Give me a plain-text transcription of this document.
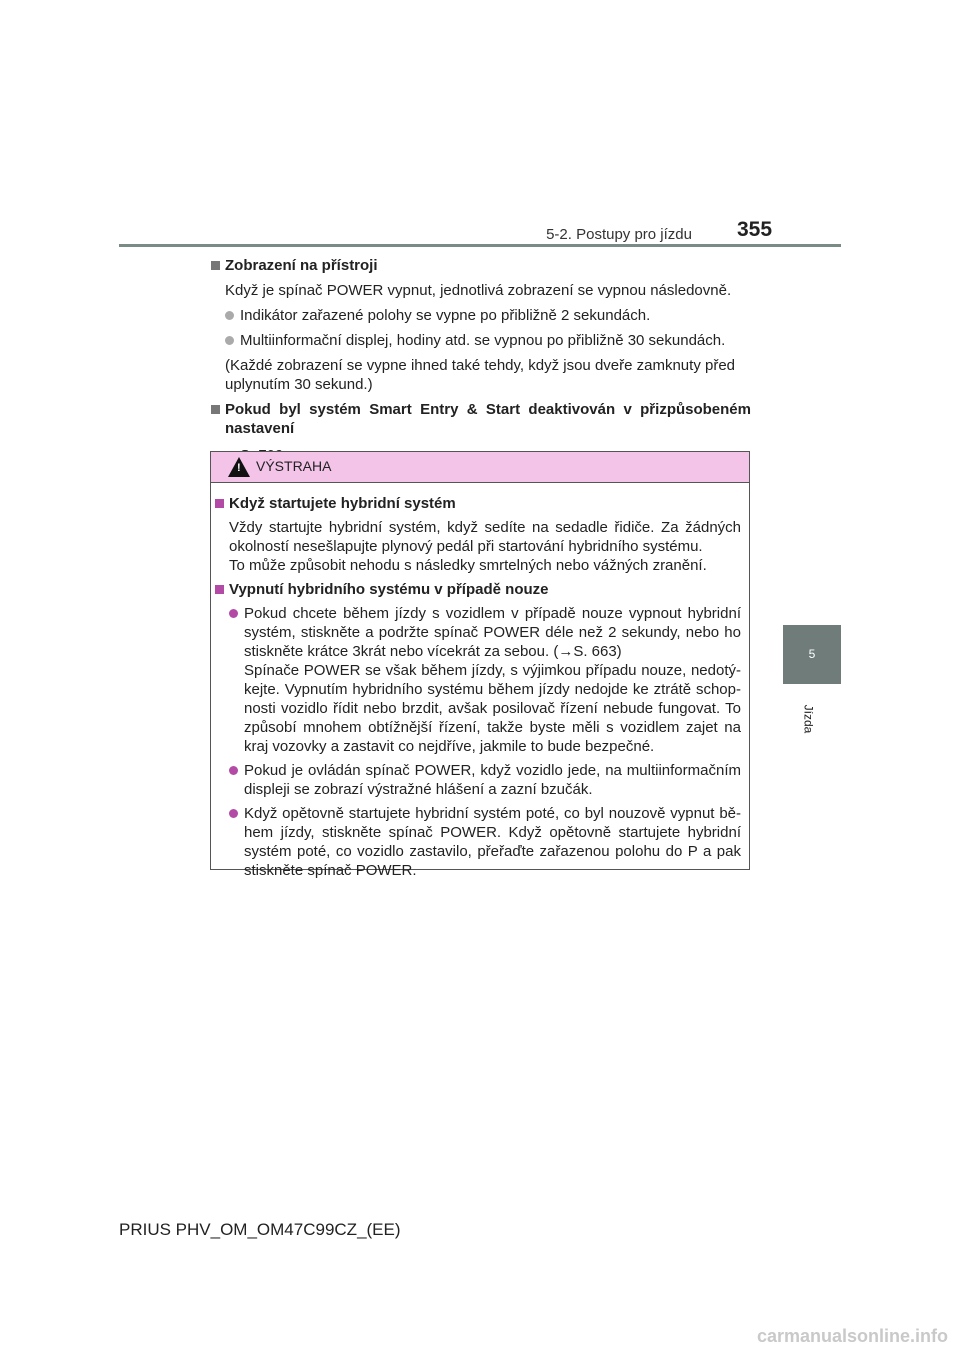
5-2. Postupy pro jízdu 355
5
Jízda
Zobrazení na přístroji
Když je spínač POWER vypnut, jednotlivá zobrazení se vypnou následovně.
Indikátor zařazené polohy se vypne po přibližně 2 sekundách.
Multiinformační displej, hodiny atd. se vypnou po přibližně 30 sekundách.
(Každé zobrazení se vypne ihned také tehdy, když jsou dveře zamknuty před
uplynutím 30 sekund.)
Pokud byl systém Smart Entry & Start deaktivován v přizpůsobeném
nastavení
! VÝSTRAHA
Když startujete hybridní systém
Vždy startujte hybridní systém, když sedíte na sedadle řidiče. Za žádných
okolností nesešlapujte plynový pedál při startování hybridního systému.
To může způsobit nehodu s následky smrtelných nebo vážných zranění.
Vypnutí hybridního systému v případě nouze
Pokud chcete během jízdy s vozidlem v případě nouze vypnout hybridní
systém, stiskněte a podržte spínač POWER déle než 2 sekundy, nebo ho
stiskněte krátce 3krát nebo vícekrát za sebou. (→S. 663)
Spínače POWER se však během jízdy, s výjimkou případu nouze, nedotý-
kejte. Vypnutím hybridního systému během jízdy nedojde ke ztrátě schop-
nosti vozidlo řídit nebo brzdit, avšak posilovač řízení nebude fungovat. To
způsobí mnohem obtížnější řízení, takže byste měli s vozidlem zajet na
kraj vozovky a zastavit co nejdříve, jakmile to bude bezpečné.
Pokud je ovládán spínač POWER, když vozidlo jede, na multiinformačním
displeji se zobrazí výstražné hlášení a zazní bzučák.
Když opětovně startujete hybridní systém poté, co byl nouzově vypnut bě-
hem jízdy, stiskněte spínač POWER. Když opětovně startujete hybridní
systém poté, co vozidlo zastavilo, přeřaďte zařazenou polohu do P a pak
stiskněte spínač POWER.
PRIUS PHV_OM_OM47C99CZ_(EE)
carmanualsonline.info
